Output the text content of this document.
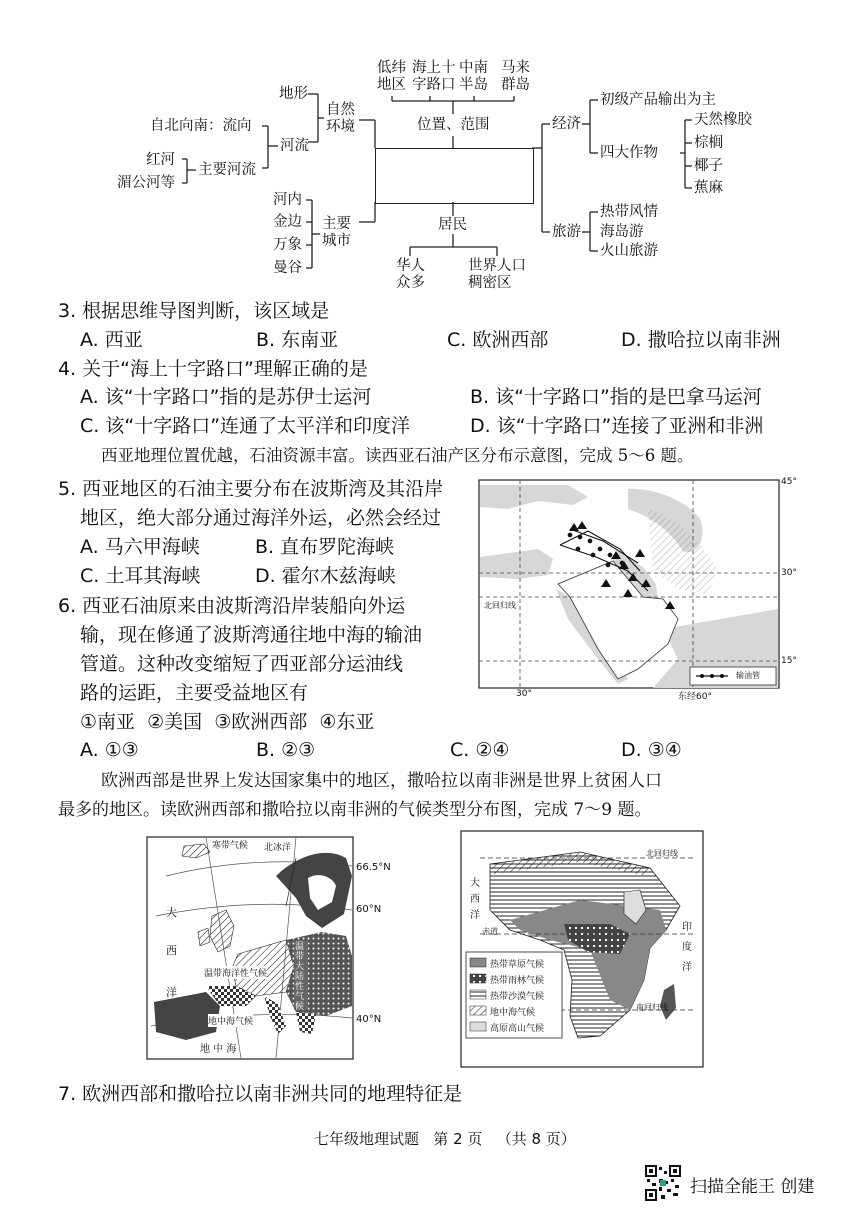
低纬
地区
海上十
字路口
中南
半岛
马来
群岛
位置、范围
地形
自然
环境
自北向南：流向
河流
红河
主要河流
湄公河等
河内
金边
万象
曼谷
主要
城市
经济
初级产品输出为主
四大作物
天然橡胶
棕榈
椰子
蕉麻
旅游
热带风情
海岛游
火山旅游
居民
华人
众多
世界人口
稠密区
3. 根据思维导图判断，该区域是
A. 西亚	B. 东南亚	C. 欧洲西部	D. 撒哈拉以南非洲
4. 关于“海上十字路口”理解正确的是
A. 该“十字路口”指的是苏伊士运河	B. 该“十字路口”指的是巴拿马运河
C. 该“十字路口”连通了太平洋和印度洋	D. 该“十字路口”连接了亚洲和非洲
西亚地理位置优越，石油资源丰富。读西亚石油产区分布示意图，完成 5～6 题。
5. 西亚地区的石油主要分布在波斯湾及其沿岸
地区，绝大部分通过海洋外运，必然会经过
A. 马六甲海峡	B. 直布罗陀海峡
C. 土耳其海峡	D. 霍尔木兹海峡
6. 西亚石油原来由波斯湾沿岸装船向外运
输，现在修通了波斯湾通往地中海的输油
管道。这种改变缩短了西亚部分运油线
路的运距，主要受益地区有
①南亚  ②美国  ③欧洲西部  ④东亚
A. ①③	B. ②③	C. ②④	D. ③④
45°
30°
15°
30°	东经60°
北回归线
输油管
欧洲西部是世界上发达国家集中的地区，撒哈拉以南非洲是世界上贫困人口
最多的地区。读欧洲西部和撒哈拉以南非洲的气候类型分布图，完成 7～9 题。
寒带气候 北冰洋
66.5°N
60°N
40°N
大
西
洋
温带海洋性气候
地中海气候
地 中 海
温带大陆性气候
北回归线
赤道
南回归线
大
西
洋
印
度
洋
热带草原气候
热带雨林气候
热带沙漠气候
地中海气候
高原高山气候
7. 欧洲西部和撒哈拉以南非洲共同的地理特征是
七年级地理试题   第 2 页   （共 8 页）
扫描全能王 创建
